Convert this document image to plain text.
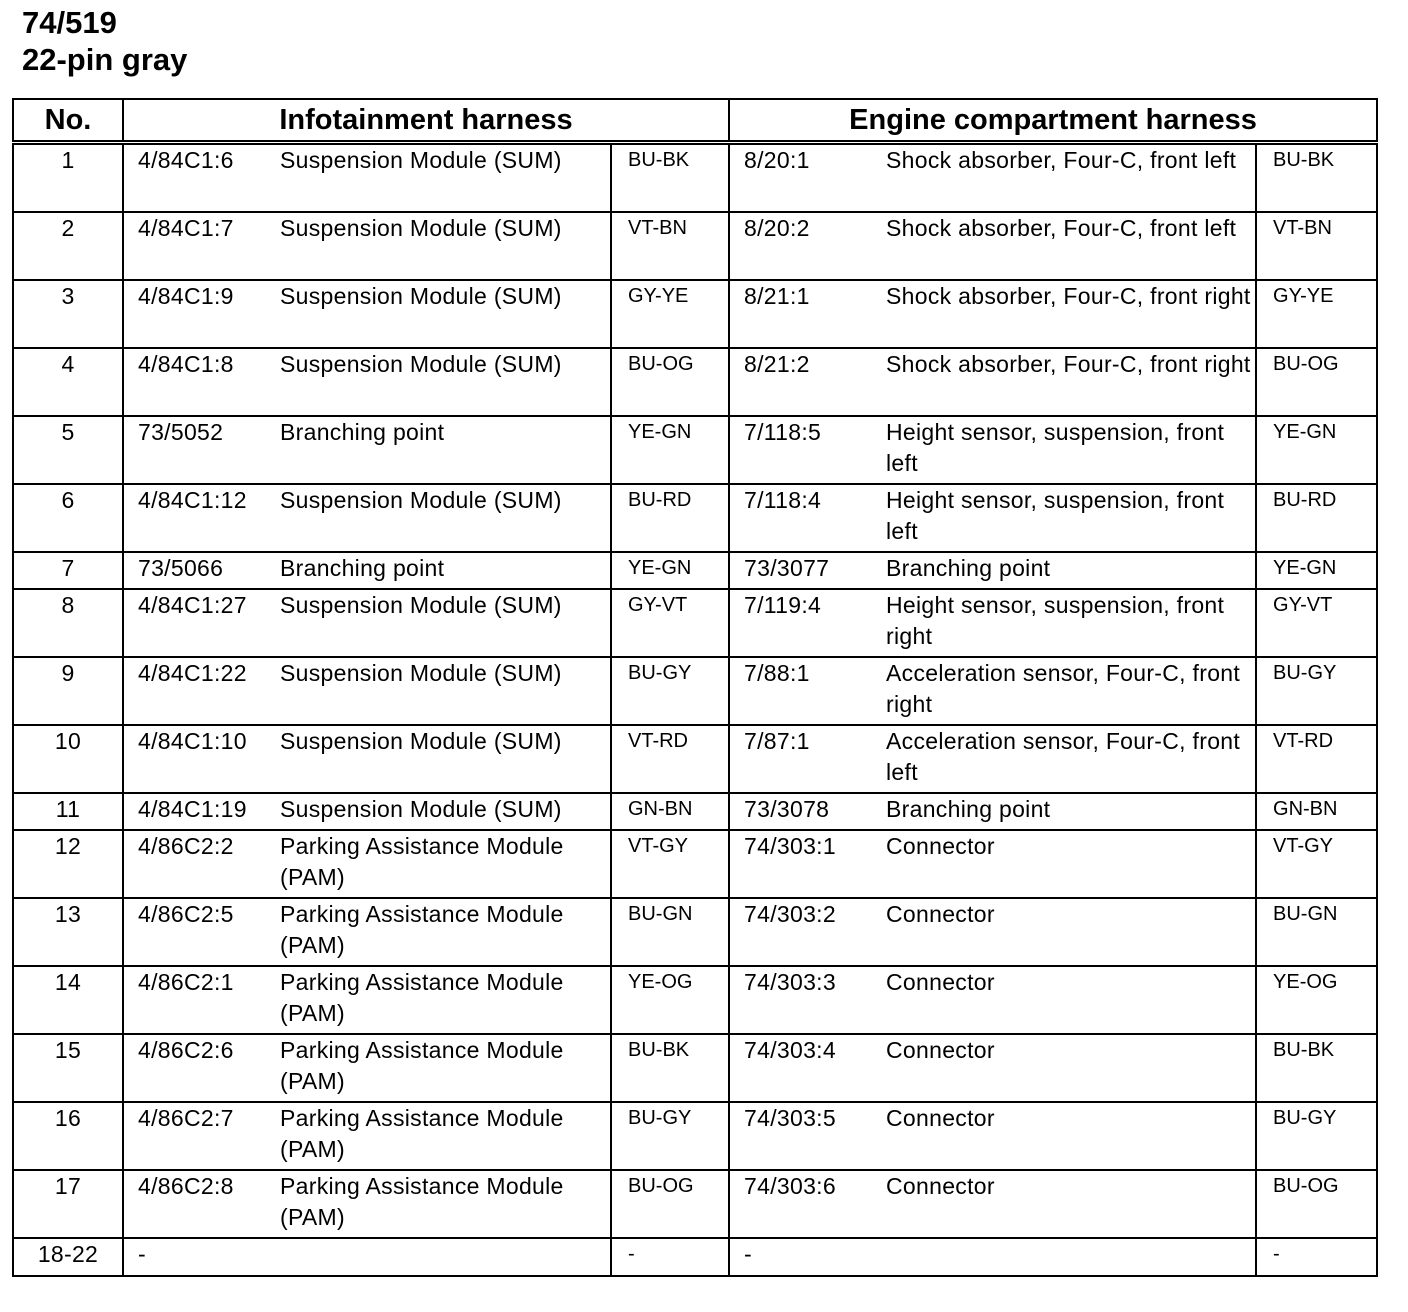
74/519
22-pin gray
No.	Infotainment harness			Engine compartment harness		
1	4/84C1:6	Suspension Module (SUM)	BU-BK	8/20:1	Shock absorber, Four-C, front left	BU-BK
2	4/84C1:7	Suspension Module (SUM)	VT-BN	8/20:2	Shock absorber, Four-C, front left	VT-BN
3	4/84C1:9	Suspension Module (SUM)	GY-YE	8/21:1	Shock absorber, Four-C, front right	GY-YE
4	4/84C1:8	Suspension Module (SUM)	BU-OG	8/21:2	Shock absorber, Four-C, front right	BU-OG
5	73/5052	Branching point	YE-GN	7/118:5	Height sensor, suspension, front left	YE-GN
6	4/84C1:12	Suspension Module (SUM)	BU-RD	7/118:4	Height sensor, suspension, front left	BU-RD
7	73/5066	Branching point	YE-GN	73/3077	Branching point	YE-GN
8	4/84C1:27	Suspension Module (SUM)	GY-VT	7/119:4	Height sensor, suspension, front right	GY-VT
9	4/84C1:22	Suspension Module (SUM)	BU-GY	7/88:1	Acceleration sensor, Four-C, front right	BU-GY
10	4/84C1:10	Suspension Module (SUM)	VT-RD	7/87:1	Acceleration sensor, Four-C, front left	VT-RD
11	4/84C1:19	Suspension Module (SUM)	GN-BN	73/3078	Branching point	GN-BN
12	4/86C2:2	Parking Assistance Module (PAM)	VT-GY	74/303:1	Connector	VT-GY
13	4/86C2:5	Parking Assistance Module (PAM)	BU-GN	74/303:2	Connector	BU-GN
14	4/86C2:1	Parking Assistance Module (PAM)	YE-OG	74/303:3	Connector	YE-OG
15	4/86C2:6	Parking Assistance Module (PAM)	BU-BK	74/303:4	Connector	BU-BK
16	4/86C2:7	Parking Assistance Module (PAM)	BU-GY	74/303:5	Connector	BU-GY
17	4/86C2:8	Parking Assistance Module (PAM)	BU-OG	74/303:6	Connector	BU-OG
18-22	-		-	-		-
